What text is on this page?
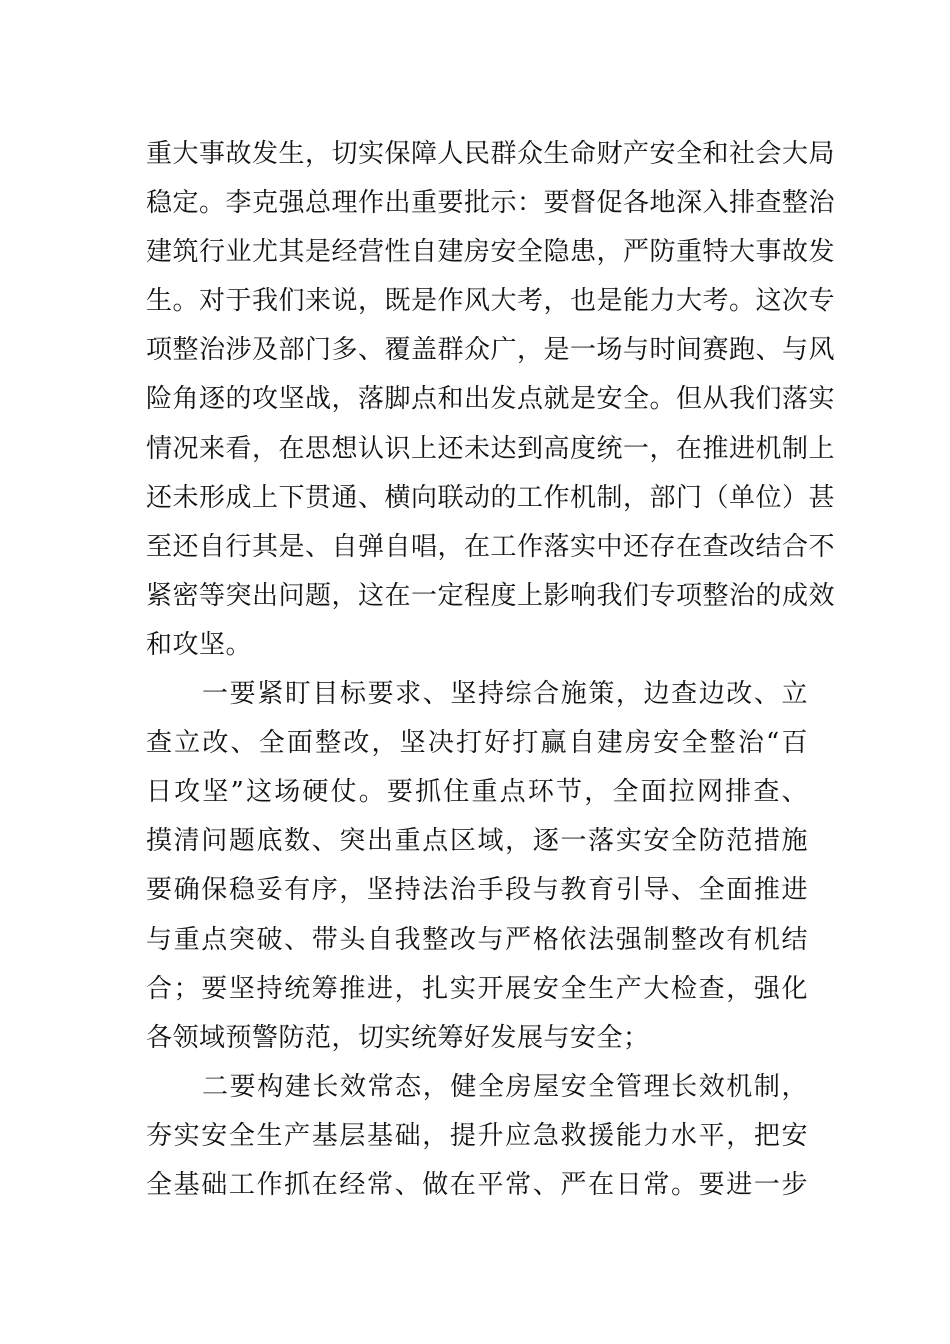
重大事故发生，切实保障人民群众生命财产安全和社会大局
稳定。李克强总理作出重要批示：要督促各地深入排查整治
建筑行业尤其是经营性自建房安全隐患，严防重特大事故发
生。对于我们来说，既是作风大考，也是能力大考。这次专
项整治涉及部门多、覆盖群众广，是一场与时间赛跑、与风
险角逐的攻坚战，落脚点和出发点就是安全。但从我们落实
情况来看，在思想认识上还未达到高度统一，在推进机制上
还未形成上下贯通、横向联动的工作机制，部门（单位）甚
至还自行其是、自弹自唱，在工作落实中还存在查改结合不
紧密等突出问题，这在一定程度上影响我们专项整治的成效
和攻坚。
一要紧盯目标要求、坚持综合施策，边查边改、立
查立改、全面整改，坚决打好打赢自建房安全整治“百
日攻坚”这场硬仗。要抓住重点环节，全面拉网排查、
摸清问题底数、突出重点区域，逐一落实安全防范措施
要确保稳妥有序，坚持法治手段与教育引导、全面推进
与重点突破、带头自我整改与严格依法强制整改有机结
合；要坚持统筹推进，扎实开展安全生产大检查，强化
各领域预警防范，切实统筹好发展与安全；
二要构建长效常态，健全房屋安全管理长效机制，
夯实安全生产基层基础，提升应急救援能力水平，把安
全基础工作抓在经常、做在平常、严在日常。要进一步
